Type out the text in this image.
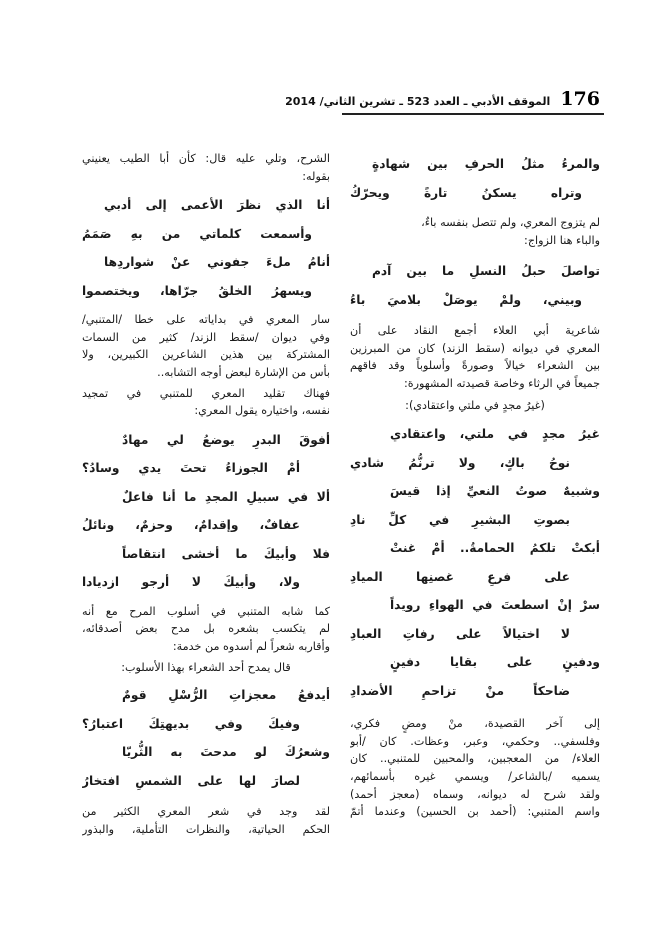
176
الموقف الأدبي ـ العدد 523 ـ تشرين الثاني/ 2014
والمرءُ مثلُ الحرفِ بين شهادةٍ
وتراه يسكنُ تارةً ويحرّكُ
لم يتزوج المعري، ولم تتصل بنفسه باءٌ،
والباء هنا الزواج:
تواصلَ حبلُ النسلِ ما بين آدم
وبيني، ولمْ يوصَلْ بلاميَ باءُ
شاعرية أبي العلاء أجمع النقاد على أن
المعري في ديوانه (سقط الزند) كان من المبرزين
بين الشعراء خيالاً وصورةً وأسلوباً وقد فاقهم
جميعاً في الرثاء وخاصة قصيدته المشهورة:
(غيرُ مجدٍ في ملتي واعتقادي):
غيرُ مجدٍ في ملتي، واعتقادي
نوحُ باكٍ، ولا ترنُّمُ شادي
وشبيهٌ صوتُ النعيِّ إذا قيسَ
بصوتِ البشيرِ في كلِّ نادِ
أبكتْ تلكمُ الحمامةُ.. أمْ غنتْ
على فرعِ غصنِها الميادِ
سرْ إنْ اسطعتَ في الهواءِ رويداً
لا اختيالاً على رفاتِ العبادِ
ودفينٍ على بقايا دفينٍ
ضاحكاً منْ تزاحمِ الأضدادِ
إلى آخر القصيدة، منْ ومضٍ فكري،
وفلسفي.. وحكمي، وعبر، وعظات. كان /أبو
العلاء/ من المعجبين، والمحبين للمتنبي.. كان
يسميه /بالشاعر/ ويسمي غيره بأسمائهم،
ولقد شرح له ديوانه، وسماه (معجز أحمد)
واسم المتنبي: (أحمد بن الحسين) وعندما أتمّ
الشرح، وتلي عليه قال: كأن أبا الطيب يعنيني
بقوله:
أنا الذي نظرَ الأعمى إلى أدبي
وأسمعت كلماتي من بهِ صَمَمُ
أنامُ ملءَ جفوني عنْ شواردِها
ويسهرُ الخلقُ جرّاها، ويختصموا
سار المعري في بداياته على خطا /المتنبي/
وفي ديوان /سقط الزند/ كثير من السمات
المشتركة بين هذين الشاعرين الكبيرين، ولا
بأس من الإشارة لبعض أوجه التشابه..
فهناك تقليد المعري للمتنبي في تمجيد
نفسه، واختياره يقول المعري:
أفوقَ البدرِ يوضعُ لي مهادٌ
أمْ الجوزاءُ تحتَ يدي وسادُ؟
ألا في سبيلِ المجدِ ما أنا فاعلٌ
عفافٌ، وإقدامٌ، وحزمٌ، ونائلُ
فلا وأبيكَ ما أخشى انتقاصاً
ولا، وأبيكَ لا أرجو ازديادا
كما شابه المتنبي في أسلوب المرح مع أنه
لم يتكسب بشعره بل مدح بعض أصدقائه،
وأقاربه شعراً لم أسدوه من خدمة:
قال يمدح أحد الشعراء بهذا الأسلوب:
أيدفعُ معجزاتِ الرُّسْلِ قومٌ
وفيكَ وفي بديهتِكَ اعتبارُ؟
وشعرُكَ لو مدحتَ به الثُّريّا
لصارَ لها على الشمسِ افتخارُ
لقد وجد في شعر المعري الكثير من
الحكم الحياتية، والنظرات التأملية، والبذور
